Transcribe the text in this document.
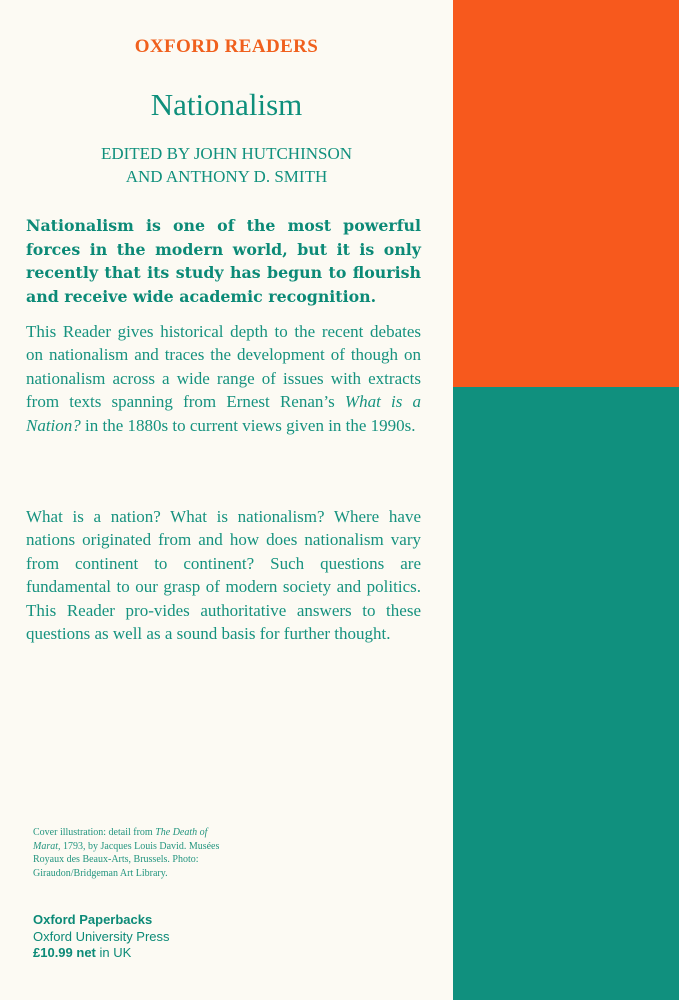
OXFORD READERS
Nationalism
EDITED BY JOHN HUTCHINSON
AND ANTHONY D. SMITH

Nationalism is one of the most powerful forces in the modern world, but it is only recently that its study has begun to flourish and receive wide academic recognition.

This Reader gives historical depth to the recent debates on nationalism and traces the development of though on nationalism across a wide range of issues with extracts from texts spanning from Ernest Renan’s What is a Nation? in the 1880s to current views given in the 1990s.

What is a nation? What is nationalism? Where have nations originated from and how does nationalism vary from continent to continent? Such questions are fundamental to our grasp of modern society and politics. This Reader pro-vides authoritative answers to these questions as well as a sound basis for further thought.

Cover illustration: detail from The Death of Marat, 1793, by Jacques Louis David. Musées Royaux des Beaux-Arts, Brussels. Photo: Giraudon/Bridgeman Art Library.

Oxford Paperbacks
Oxford University Press
£10.99 net in UK
